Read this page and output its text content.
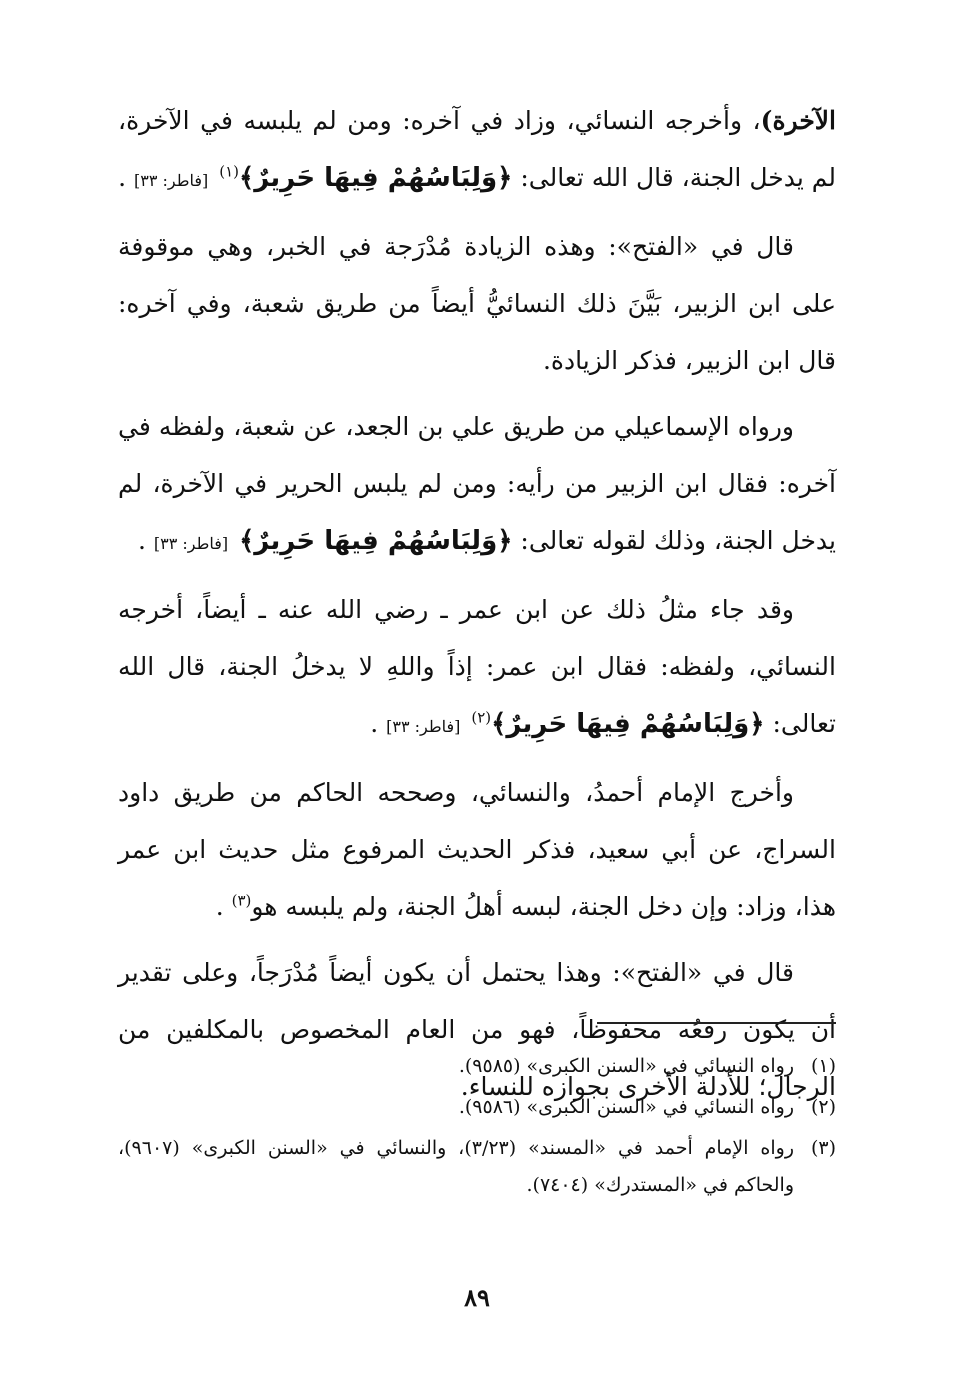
الآخرة)، وأخرجه النسائي، وزاد في آخره: ومن لم يلبسه في الآخرة، لم يدخل الجنة، قال الله تعالى: ﴿وَلِبَاسُهُمْ فِيهَا حَرِيرٌ﴾$^{(١)}$ [فاطر: ٣٣] .

قال في «الفتح»: وهذه الزيادة مُدْرَجة في الخبر، وهي موقوفة على ابن الزبير، بَيَّنَ ذلك النسائيُّ أيضاً من طريق شعبة، وفي آخره: قال ابن الزبير، فذكر الزيادة.

ورواه الإسماعيلي من طريق علي بن الجعد، عن شعبة، ولفظه في آخره: فقال ابن الزبير من رأيه: ومن لم يلبس الحرير في الآخرة، لم يدخل الجنة، وذلك لقوله تعالى: ﴿وَلِبَاسُهُمْ فِيهَا حَرِيرٌ﴾ [فاطر: ٣٣] .

وقد جاء مثلُ ذلك عن ابن عمر ـ رضي الله عنه ـ أيضاً، أخرجه النسائي، ولفظه: فقال ابن عمر: إذاً واللهِ لا يدخلُ الجنة، قال الله تعالى: ﴿وَلِبَاسُهُمْ فِيهَا حَرِيرٌ﴾$^{(٢)}$ [فاطر: ٣٣] .

وأخرج الإمام أحمدُ، والنسائي، وصححه الحاكم من طريق داود السراج، عن أبي سعيد، فذكر الحديث المرفوع مثل حديث ابن عمر هذا، وزاد: وإن دخل الجنة، لبسه أهلُ الجنة، ولم يلبسه هو$^{(٣)}$ .

قال في «الفتح»: وهذا يحتمل أن يكون أيضاً مُدْرَجاً، وعلى تقدير أن يكون رفعُه محفوظاً، فهو من العام المخصوص بالمكلفين من الرجال؛ للأدلة الأخرى بجوازه للنساء.

(١)
رواه النسائي في «السنن الكبرى» (٩٥٨٥).
(٢)
رواه النسائي في «السنن الكبرى» (٩٥٨٦).
(٣)
رواه الإمام أحمد في «المسند» (٣/٢٣)، والنسائي في «السنن الكبرى» (٩٦٠٧)، والحاكم في «المستدرك» (٧٤٠٤).
٨٩
